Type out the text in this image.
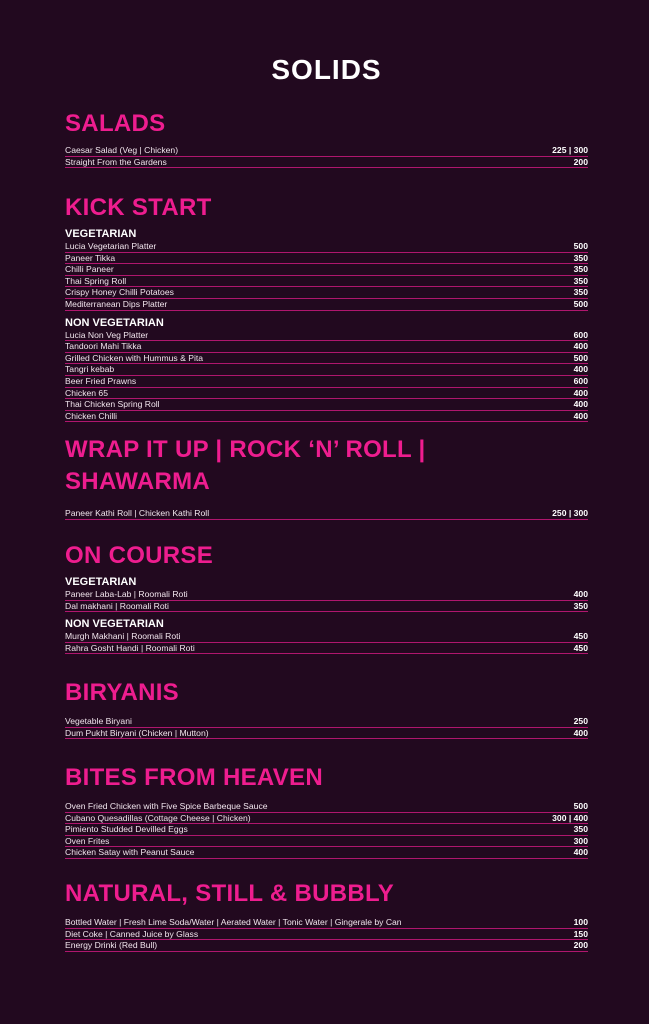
SOLIDS
SALADS
Caesar Salad (Veg | Chicken)	225 | 300
Straight From the Gardens	200
KICK START
VEGETARIAN
Lucia Vegetarian Platter	500
Paneer Tikka	350
Chilli Paneer	350
Thai Spring Roll	350
Crispy Honey Chilli Potatoes	350
Mediterranean Dips Platter	500
NON VEGETARIAN
Lucia Non Veg Platter	600
Tandoori Mahi Tikka	400
Grilled Chicken with Hummus & Pita	500
Tangri kebab	400
Beer Fried Prawns	600
Chicken 65	400
Thai Chicken Spring Roll	400
Chicken Chilli	400
WRAP IT UP | ROCK ‘N’ ROLL | SHAWARMA
Paneer Kathi Roll | Chicken Kathi Roll	250 | 300
ON COURSE
VEGETARIAN
Paneer Laba-Lab | Roomali Roti	400
Dal makhani | Roomali Roti	350
NON VEGETARIAN
Murgh Makhani | Roomali Roti	450
Rahra Gosht Handi | Roomali Roti	450
BIRYANIS
Vegetable Biryani	250
Dum Pukht Biryani (Chicken | Mutton)	400
BITES FROM HEAVEN
Oven Fried Chicken with Five Spice Barbeque Sauce	500
Cubano Quesadillas (Cottage Cheese | Chicken)	300 | 400
Pimiento Studded Devilled Eggs	350
Oven Frites	300
Chicken Satay with Peanut Sauce	400
NATURAL, STILL & BUBBLY
Bottled Water | Fresh Lime Soda/Water | Aerated Water | Tonic Water | Gingerale by Can	100
Diet Coke | Canned Juice by Glass	150
Energy Drinki (Red Bull)	200
